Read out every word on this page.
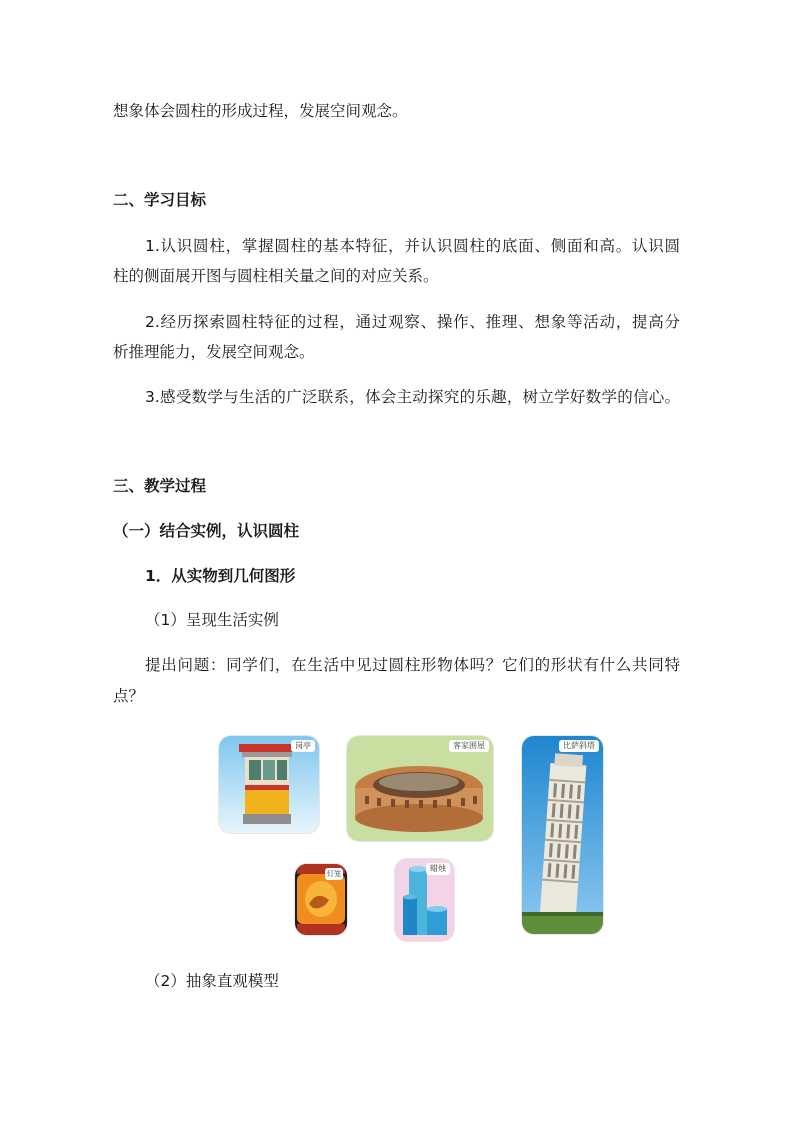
想象体会圆柱的形成过程，发展空间观念。
二、学习目标
1.认识圆柱，掌握圆柱的基本特征，并认识圆柱的底面、侧面和高。认识圆
柱的侧面展开图与圆柱相关量之间的对应关系。
2.经历探索圆柱特征的过程，通过观察、操作、推理、想象等活动，提高分
析推理能力，发展空间观念。
3.感受数学与生活的广泛联系，体会主动探究的乐趣，树立学好数学的信心。
三、教学过程
（一）结合实例，认识圆柱
1．从实物到几何图形
（1）呈现生活实例
提出问题：同学们，在生活中见过圆柱形物体吗？它们的形状有什么共同特
点？
岗亭	客家围屋	比萨斜塔
灯笼
蜡烛
（2）抽象直观模型
